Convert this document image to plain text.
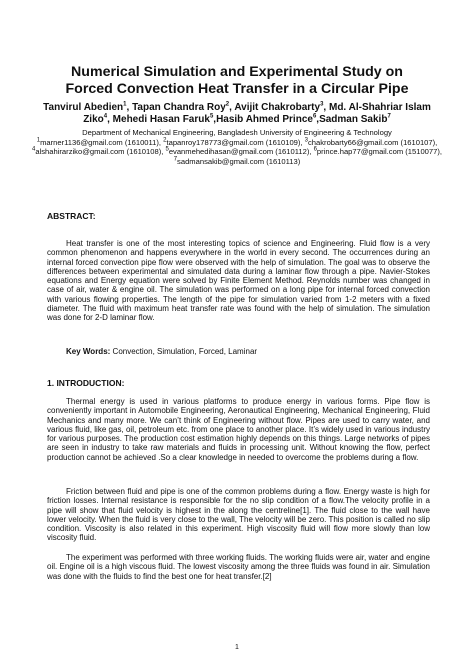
Numerical Simulation and Experimental Study on
Forced Convection Heat Transfer in a Circular Pipe
Tanvirul Abedien$^1$, Tapan Chandra Roy$^2$, Avijit Chakrobarty$^3$, Md. Al-Shahriar Islam Ziko$^4$, Mehedi Hasan Faruk$^5$,Hasib Ahmed Prince$^6$,Sadman Sakib$^7$
Department of Mechanical Engineering, Bangladesh University of Engineering & Technology
$^1$marner1136@gmail.com (1610011), $^2$tapanroy178773@gmail.com (1610109), $^3$chakrobarty66@gmail.com (1610107), $^4$alshahirarziko@gmail.com (1610108), $^5$evanmehedihasan@gmail.com (1610112), $^6$prince.hap77@gmail.com (1510077), $^7$sadmansakib@gmail.com (1610113)
ABSTRACT:

Heat transfer is one of the most interesting topics of science and Engineering. Fluid flow is a very common phenomenon and happens everywhere in the world in every second. The occurrences during an internal forced convection pipe flow were observed with the help of simulation. The goal was to observe the differences between experimental and simulated data during a laminar flow through a pipe. Navier-Stokes equations and Energy equation were solved by Finite Element Method. Reynolds number was changed in case of air, water & engine oil. The simulation was performed on a long pipe for internal forced convection with various flowing properties. The length of the pipe for simulation varied from 1-2 meters with a fixed diameter. The fluid with maximum heat transfer rate was found with the help of simulation. The simulation was done for 2-D laminar flow.

Key Words: Convection, Simulation, Forced, Laminar
1. INTRODUCTION:

Thermal energy is used in various platforms to produce energy in various forms. Pipe flow is conveniently important in Automobile Engineering, Aeronautical Engineering, Mechanical Engineering, Fluid Mechanics and many more. We can’t think of Engineering without flow. Pipes are used to carry water, and various fluid, like gas, oil, petroleum etc. from one place to another place. It’s widely used in various industry for various purposes. The production cost estimation highly depends on this things. Large networks of pipes are seen in industry to take raw materials and fluids in processing unit. Without knowing the flow, perfect production cannot be achieved .So a clear knowledge in needed to overcome the problems during a flow.

Friction between fluid and pipe is one of the common problems during a flow. Energy waste is high for friction losses. Internal resistance is responsible for the no slip condition of a flow.The velocity profile in a pipe will show that fluid velocity is highest in the along the centreline[1]. The fluid close to the wall have lower velocity. When the fluid is very close to the wall, The velocity will be zero. This position is called no slip condition. Viscosity is also related in this experiment. High viscosity fluid will flow more slowly than low viscosity fluid.

The experiment was performed with three working fluids. The working fluids were air, water and engine oil. Engine oil is a high viscous fluid. The lowest viscosity among the three fluids was found in air. Simulation was done with the fluids to find the best one for heat transfer.[2]

1
